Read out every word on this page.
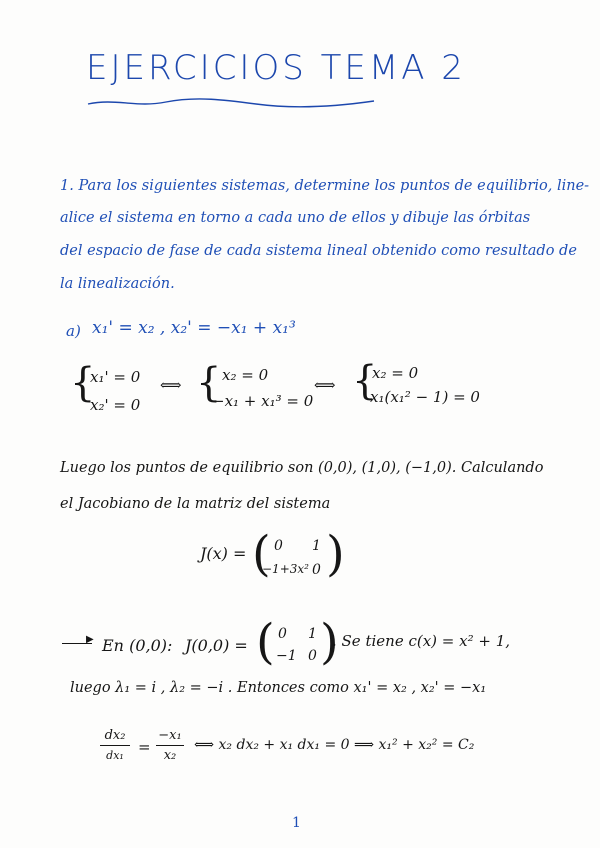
EJERCICIOS TEMA 2
1. Para los siguientes sistemas, determine los puntos de equilibrio, line-
alice el sistema en torno a cada uno de ellos y dibuje las órbitas
del espacio de fase de cada sistema lineal obtenido como resultado de
la linealización.
a) x₁' = x₂ , x₂' = −x₁ + x₁³
{
x₁' = 0
x₂' = 0
⟺ { x₂ = 0
−x₁ + x₁³ = 0
⟺ {
x₂ = 0
x₁(x₁² − 1) = 0
Luego los puntos de equilibrio son (0,0), (1,0), (−1,0). Calculando
el Jacobiano de la matriz del sistema
J(x) = ( 0 1
−1+3x² 0 )
▶ En (0,0): J(0,0) = ( 0 1
−1 0 )
. Se tiene c(x) = x² + 1,
luego λ₁ = i , λ₂ = −i . Entonces como x₁' = x₂ , x₂' = −x₁
dx₂
dx₁ =
−x₁
x₂
⟺ x₂ dx₂ + x₁ dx₁ = 0 ⟹ x₁² + x₂² = C₂
1
